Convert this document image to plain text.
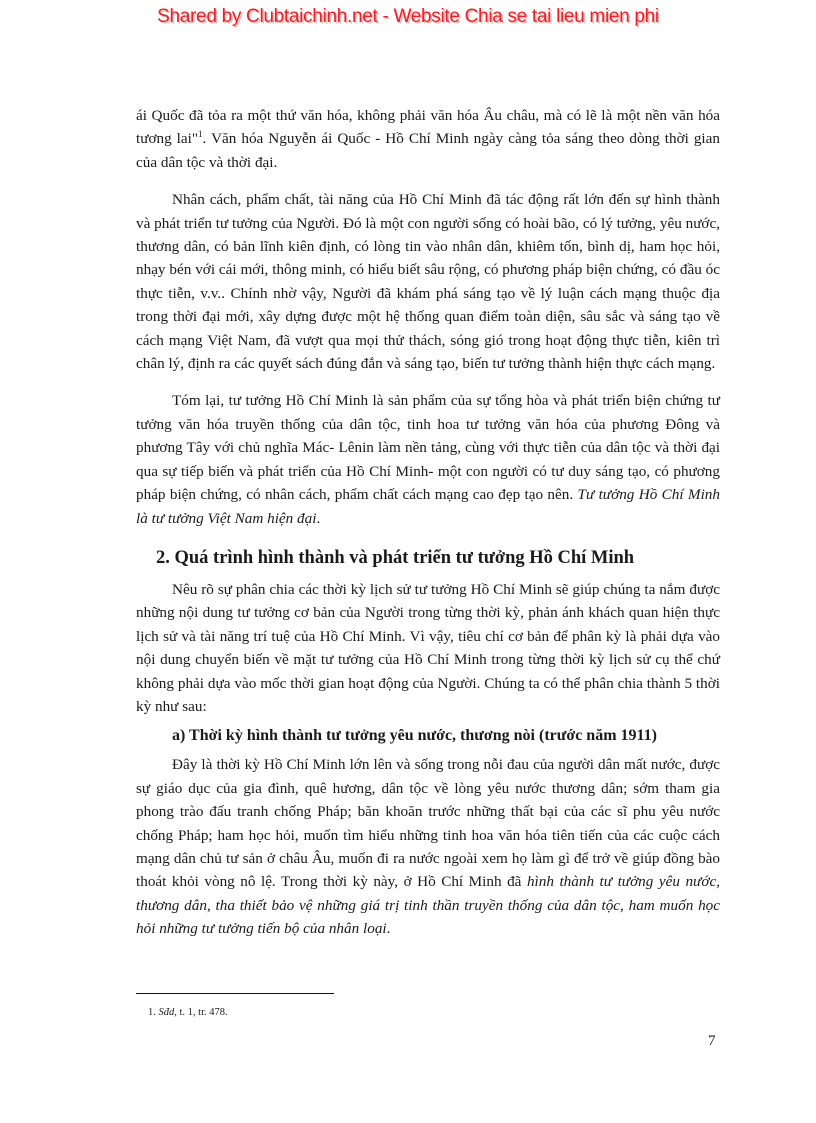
Shared by Clubtaichinh.net - Website Chia se tai lieu mien phi

ái Quốc đã tỏa ra một thứ văn hóa, không phải văn hóa Âu châu, mà có lẽ là một nền văn hóa tương lai"$^1$. Văn hóa Nguyễn ái Quốc - Hồ Chí Minh ngày càng tỏa sáng theo dòng thời gian của dân tộc và thời đại.

Nhân cách, phẩm chất, tài năng của Hồ Chí Minh đã tác động rất lớn đến sự hình thành và phát triển tư tưởng của Người. Đó là một con người sống có hoài bão, có lý tưởng, yêu nước, thương dân, có bản lĩnh kiên định, có lòng tin vào nhân dân, khiêm tốn, bình dị, ham học hỏi, nhạy bén với cái mới, thông minh, có hiểu biết sâu rộng, có phương pháp biện chứng, có đầu óc thực tiễn, v.v.. Chính nhờ vậy, Người đã khám phá sáng tạo về lý luận cách mạng thuộc địa trong thời đại mới, xây dựng được một hệ thống quan điểm toàn diện, sâu sắc và sáng tạo về cách mạng Việt Nam, đã vượt qua mọi thử thách, sóng gió trong hoạt động thực tiễn, kiên trì chân lý, định ra các quyết sách đúng đắn và sáng tạo, biến tư tưởng thành hiện thực cách mạng.

Tóm lại, tư tưởng Hồ Chí Minh là sản phẩm của sự tổng hòa và phát triển biện chứng tư tưởng văn hóa truyền thống của dân tộc, tinh hoa tư tưởng văn hóa của phương Đông và phương Tây với chủ nghĩa Mác- Lênin làm nền tảng, cùng với thực tiễn của dân tộc và thời đại qua sự tiếp biến và phát triển của Hồ Chí Minh- một con người có tư duy sáng tạo, có phương pháp biện chứng, có nhân cách, phẩm chất cách mạng cao đẹp tạo nên. Tư tưởng Hồ Chí Minh là tư tưởng Việt Nam hiện đại.

2. Quá trình hình thành và phát triển tư tưởng Hồ Chí Minh

Nêu rõ sự phân chia các thời kỳ lịch sử tư tưởng Hồ Chí Minh sẽ giúp chúng ta nắm được những nội dung tư tưởng cơ bản của Người trong từng thời kỳ, phản ánh khách quan hiện thực lịch sử và tài năng trí tuệ của Hồ Chí Minh. Vì vậy, tiêu chí cơ bản để phân kỳ là phải dựa vào nội dung chuyển biến về mặt tư tưởng của Hồ Chí Minh trong từng thời kỳ lịch sử cụ thể chứ không phải dựa vào mốc thời gian hoạt động của Người. Chúng ta có thể phân chia thành 5 thời kỳ như sau:

a) Thời kỳ hình thành tư tưởng yêu nước, thương nòi (trước năm 1911)

Đây là thời kỳ Hồ Chí Minh lớn lên và sống trong nỗi đau của người dân mất nước, được sự giáo dục của gia đình, quê hương, dân tộc về lòng yêu nước thương dân; sớm tham gia phong trào đấu tranh chống Pháp; băn khoăn trước những thất bại của các sĩ phu yêu nước chống Pháp; ham học hỏi, muốn tìm hiểu những tinh hoa văn hóa tiên tiến của các cuộc cách mạng dân chủ tư sản ở châu Âu, muốn đi ra nước ngoài xem họ làm gì để trở về giúp đồng bào thoát khỏi vòng nô lệ. Trong thời kỳ này, ở Hồ Chí Minh đã hình thành tư tưởng yêu nước, thương dân, tha thiết bảo vệ những giá trị tinh thần truyền thống của dân tộc, ham muốn học hỏi những tư tưởng tiến bộ của nhân loại.

1. Sđd, t. 1, tr. 478.
7
